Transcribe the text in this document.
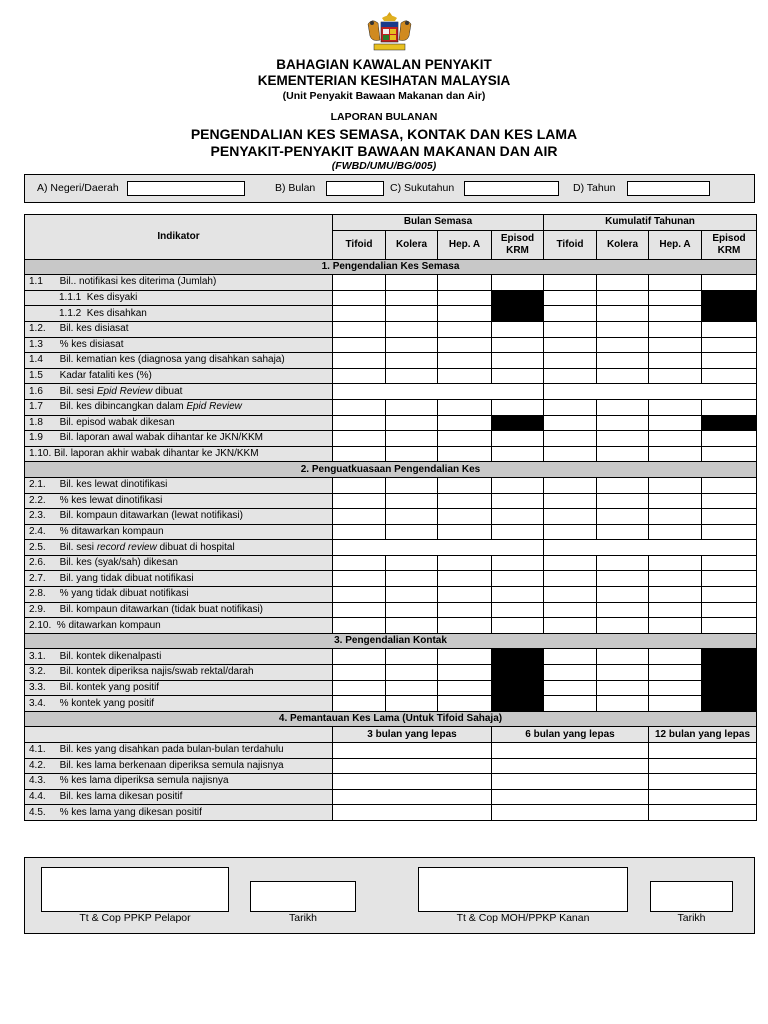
BAHAGIAN KAWALAN PENYAKIT
KEMENTERIAN KESIHATAN MALAYSIA
(Unit Penyakit Bawaan Makanan dan Air)
LAPORAN BULANAN
PENGENDALIAN KES SEMASA, KONTAK DAN KES LAMA
PENYAKIT-PENYAKIT BAWAAN MAKANAN DAN AIR
(FWBD/UMU/BG/005)
A) Negeri/Daerah	B) Bulan	C) Sukutahun	D) Tahun
Indikator	Bulan Semasa				Kumulatif Tahunan			
	Tifoid	Kolera	Hep. A	Episod
KRM	Tifoid	Kolera	Hep. A	Episod
KRM
1. Pengendalian Kes Semasa								
1.1      Bil.. notifikasi kes diterima (Jumlah)								
1.1.1  Kes disyaki								
1.1.2  Kes disahkan								
1.2.     Bil. kes disiasat								
1.3      % kes disiasat								
1.4      Bil. kematian kes (diagnosa yang disahkan sahaja)								
1.5      Kadar fataliti kes (%)								
1.6      Bil. sesi Epid Review dibuat								
1.7      Bil. kes dibincangkan dalam Epid Review								
1.8      Bil. episod wabak dikesan								
1.9      Bil. laporan awal wabak dihantar ke JKN/KKM								
1.10. Bil. laporan akhir wabak dihantar ke JKN/KKM								
2. Penguatkuasaan Pengendalian Kes								
2.1.     Bil. kes lewat dinotifikasi								
2.2.     % kes lewat dinotifikasi								
2.3.     Bil. kompaun ditawarkan (lewat notifikasi)								
2.4.     % ditawarkan kompaun								
2.5.     Bil. sesi record review dibuat di hospital								
2.6.     Bil. kes (syak/sah) dikesan								
2.7.     Bil. yang tidak dibuat notifikasi								
2.8.     % yang tidak dibuat notifikasi								
2.9.     Bil. kompaun ditawarkan (tidak buat notifikasi)								
2.10.  % ditawarkan kompaun								
3. Pengendalian Kontak								
3.1.     Bil. kontek dikenalpasti								
3.2.     Bil. kontek diperiksa najis/swab rektal/darah								
3.3.     Bil. kontek yang positif								
3.4.     % kontek yang positif								
4. Pemantauan Kes Lama (Untuk Tifoid Sahaja)								
	3 bulan yang lepas			6 bulan yang lepas			12 bulan yang lepas	
4.1.     Bil. kes yang disahkan pada bulan-bulan terdahulu								
4.2.     Bil. kes lama berkenaan diperiksa semula najisnya								
4.3.     % kes lama diperiksa semula najisnya								
4.4.     Bil. kes lama dikesan positif								
4.5.     % kes lama yang dikesan positif								
Tt & Cop PPKP Pelapor	Tarikh	Tt & Cop MOH/PPKP Kanan	Tarikh
